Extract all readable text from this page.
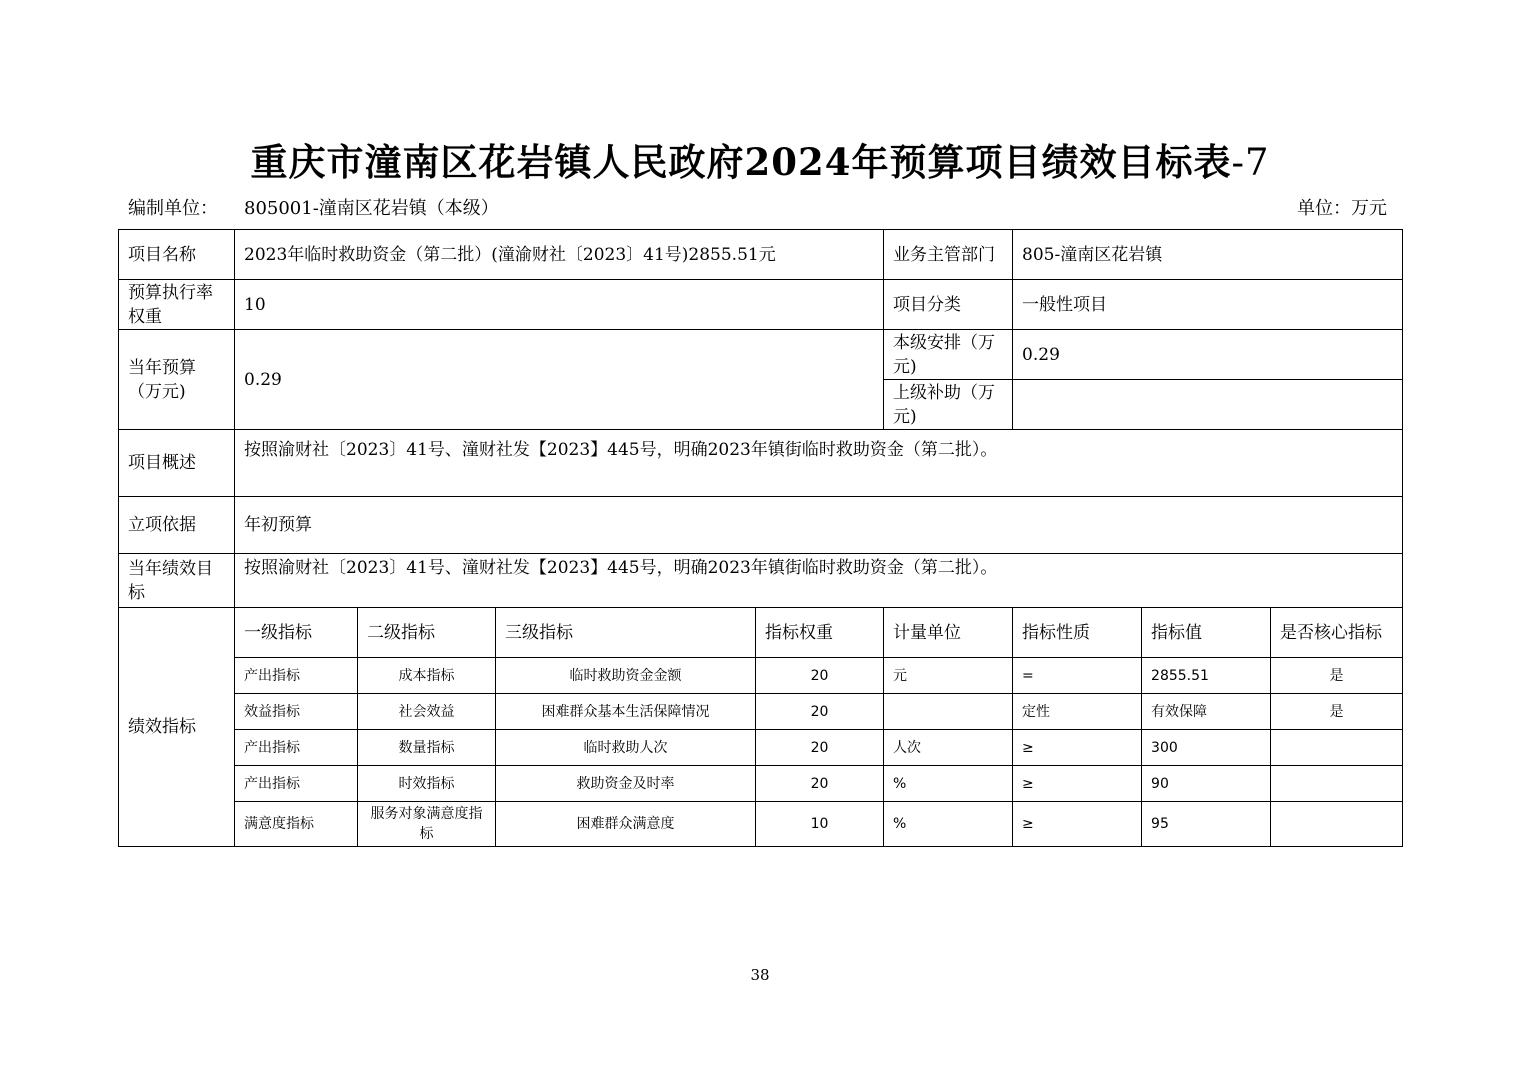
重庆市潼南区花岩镇人民政府2024年预算项目绩效目标表-7
编制单位： 805001-潼南区花岩镇（本级）	单位：万元
项目名称	2023年临时救助资金（第二批）(潼渝财社〔2023〕41号)2855.51元				业务主管部门	805-潼南区花岩镇		
预算执行率权重	10				项目分类	一般性项目		
当年预算（万元)	0.29				本级安排（万元)	0.29		
					上级补助（万元)			
项目概述	按照渝财社〔2023〕41号、潼财社发【2023】445号，明确2023年镇街临时救助资金（第二批）。							
立项依据	年初预算							
当年绩效目标	按照渝财社〔2023〕41号、潼财社发【2023】445号，明确2023年镇街临时救助资金（第二批）。							
绩效指标	一级指标	二级指标	三级指标	指标权重	计量单位	指标性质	指标值	是否核心指标
	产出指标	成本指标	临时救助资金金额	20	元	=	2855.51	是
	效益指标	社会效益	困难群众基本生活保障情况	20		定性	有效保障	是
	产出指标	数量指标	临时救助人次	20	人次	≥	300	
	产出指标	时效指标	救助资金及时率	20	%	≥	90	
	满意度指标	服务对象满意度指标	困难群众满意度	10	%	≥	95	
38
